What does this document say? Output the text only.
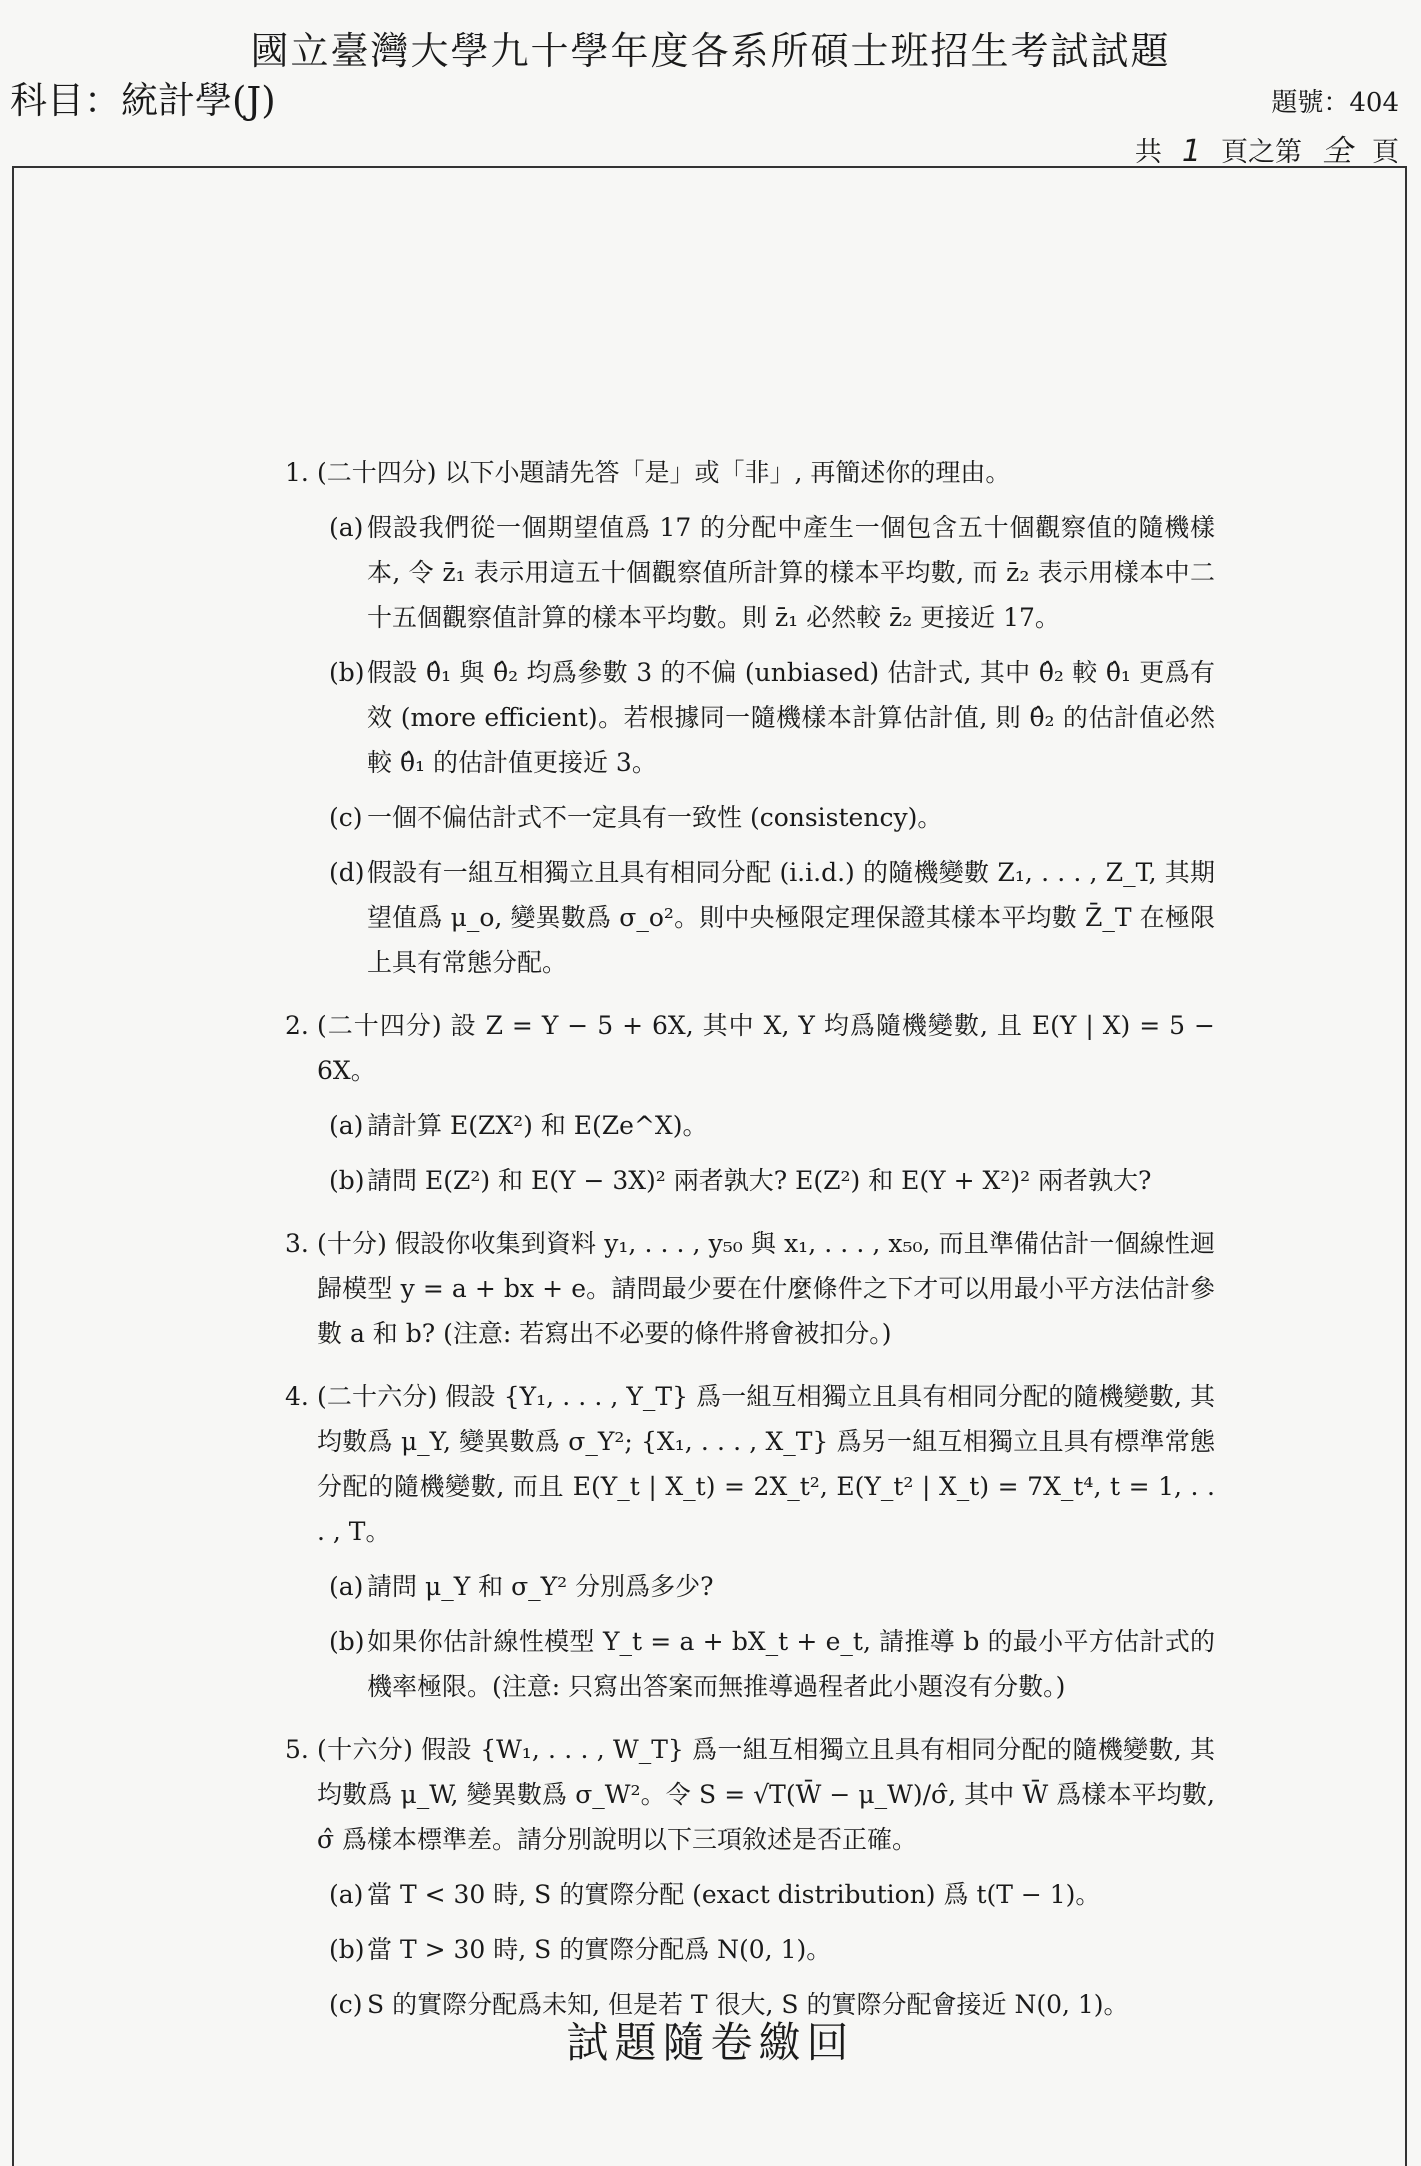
國立臺灣大學九十學年度各系所碩士班招生考試試題
科目：統計學(J)	題號：404
共 1 頁之第 全 頁
1. (二十四分) 以下小題請先答「是」或「非」, 再簡述你的理由。
(a) 假設我們從一個期望值爲 17 的分配中產生一個包含五十個觀察值的隨機樣本, 令 z̄₁ 表示用這五十個觀察值所計算的樣本平均數, 而 z̄₂ 表示用樣本中二十五個觀察值計算的樣本平均數。則 z̄₁ 必然較 z̄₂ 更接近 17。
(b) 假設 θ̂₁ 與 θ̂₂ 均爲參數 3 的不偏 (unbiased) 估計式, 其中 θ̂₂ 較 θ̂₁ 更爲有效 (more efficient)。若根據同一隨機樣本計算估計值, 則 θ̂₂ 的估計值必然較 θ̂₁ 的估計值更接近 3。
(c) 一個不偏估計式不一定具有一致性 (consistency)。
(d) 假設有一組互相獨立且具有相同分配 (i.i.d.) 的隨機變數 Z₁, . . . , Z_T, 其期望值爲 μ_o, 變異數爲 σ_o²。則中央極限定理保證其樣本平均數 Z̄_T 在極限上具有常態分配。
2. (二十四分) 設 Z = Y − 5 + 6X, 其中 X, Y 均爲隨機變數, 且 E(Y | X) = 5 − 6X。
(a) 請計算 E(ZX²) 和 E(Ze^X)。
(b) 請問 E(Z²) 和 E(Y − 3X)² 兩者孰大? E(Z²) 和 E(Y + X²)² 兩者孰大?
3. (十分) 假設你收集到資料 y₁, . . . , y₅₀ 與 x₁, . . . , x₅₀, 而且準備估計一個線性迴歸模型 y = a + bx + e。請問最少要在什麼條件之下才可以用最小平方法估計參數 a 和 b? (注意: 若寫出不必要的條件將會被扣分。)
4. (二十六分) 假設 {Y₁, . . . , Y_T} 爲一組互相獨立且具有相同分配的隨機變數, 其均數爲 μ_Y, 變異數爲 σ_Y²; {X₁, . . . , X_T} 爲另一組互相獨立且具有標準常態分配的隨機變數, 而且 E(Y_t | X_t) = 2X_t², E(Y_t² | X_t) = 7X_t⁴, t = 1, . . . , T。
(a) 請問 μ_Y 和 σ_Y² 分別爲多少?
(b) 如果你估計線性模型 Y_t = a + bX_t + e_t, 請推導 b 的最小平方估計式的機率極限。(注意: 只寫出答案而無推導過程者此小題沒有分數。)
5. (十六分) 假設 {W₁, . . . , W_T} 爲一組互相獨立且具有相同分配的隨機變數, 其均數爲 μ_W, 變異數爲 σ_W²。令 S = √T(W̄ − μ_W)/σ̂, 其中 W̄ 爲樣本平均數, σ̂ 爲樣本標準差。請分別說明以下三項敘述是否正確。
(a) 當 T < 30 時, S 的實際分配 (exact distribution) 爲 t(T − 1)。
(b) 當 T > 30 時, S 的實際分配爲 N(0, 1)。
(c) S 的實際分配爲未知, 但是若 T 很大, S 的實際分配會接近 N(0, 1)。
試題隨卷繳回
